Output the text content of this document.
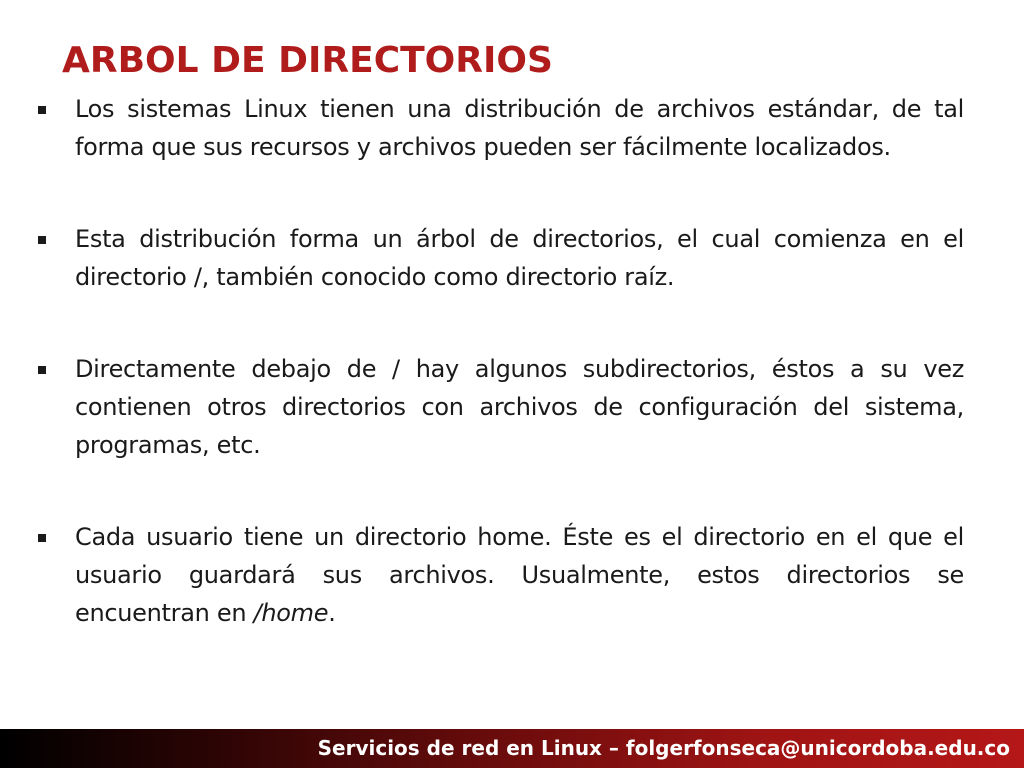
ARBOL DE DIRECTORIOS
Los sistemas Linux tienen una distribución de archivos estándar, de tal forma que sus recursos y archivos pueden ser fácilmente localizados.
Esta distribución forma un árbol de directorios, el cual comienza en el directorio /, también conocido como directorio raíz.
Directamente debajo de / hay algunos subdirectorios, éstos a su vez contienen otros directorios con archivos de configuración del sistema, programas, etc.
Cada usuario tiene un directorio home. Éste es el directorio en el que el usuario guardará sus archivos. Usualmente, estos directorios se encuentran en /home.
Servicios de red en Linux – folgerfonseca@unicordoba.edu.co
